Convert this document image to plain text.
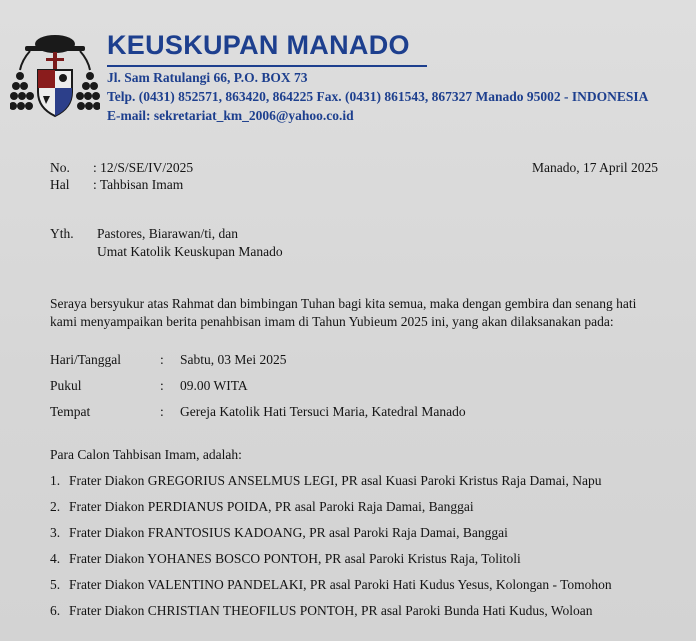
KEUSKUPAN MANADO
Jl. Sam Ratulangi 66, P.O. BOX 73
Telp. (0431) 852571, 863420, 864225 Fax. (0431) 861543, 867327 Manado 95002 - INDONESIA
E-mail: sekretariat_km_2006@yahoo.co.id
No. : 12/S/SE/IV/2025
Hal : Tahbisan Imam
Manado, 17 April 2025
Yth. Pastores, Biarawan/ti, dan
Umat Katolik Keuskupan Manado
Seraya bersyukur atas Rahmat dan bimbingan Tuhan bagi kita semua, maka dengan gembira dan senang hati kami menyampaikan berita penahbisan imam di Tahun Yubieum 2025 ini, yang akan dilaksanakan pada:
Hari/Tanggal	: Sabtu, 03 Mei 2025
Pukul	: 09.00 WITA
Tempat	: Gereja Katolik Hati Tersuci Maria, Katedral Manado
Para Calon Tahbisan Imam, adalah:
1. Frater Diakon GREGORIUS ANSELMUS LEGI, PR asal Kuasi Paroki Kristus Raja Damai, Napu
2. Frater Diakon PERDIANUS POIDA, PR asal Paroki Raja Damai, Banggai
3. Frater Diakon FRANTOSIUS KADOANG, PR asal Paroki Raja Damai, Banggai
4. Frater Diakon YOHANES BOSCO PONTOH, PR asal Paroki Kristus Raja, Tolitoli
5. Frater Diakon VALENTINO PANDELAKI, PR asal Paroki Hati Kudus Yesus, Kolongan - Tomohon
6. Frater Diakon CHRISTIAN THEOFILUS PONTOH, PR asal Paroki Bunda Hati Kudus, Woloan
